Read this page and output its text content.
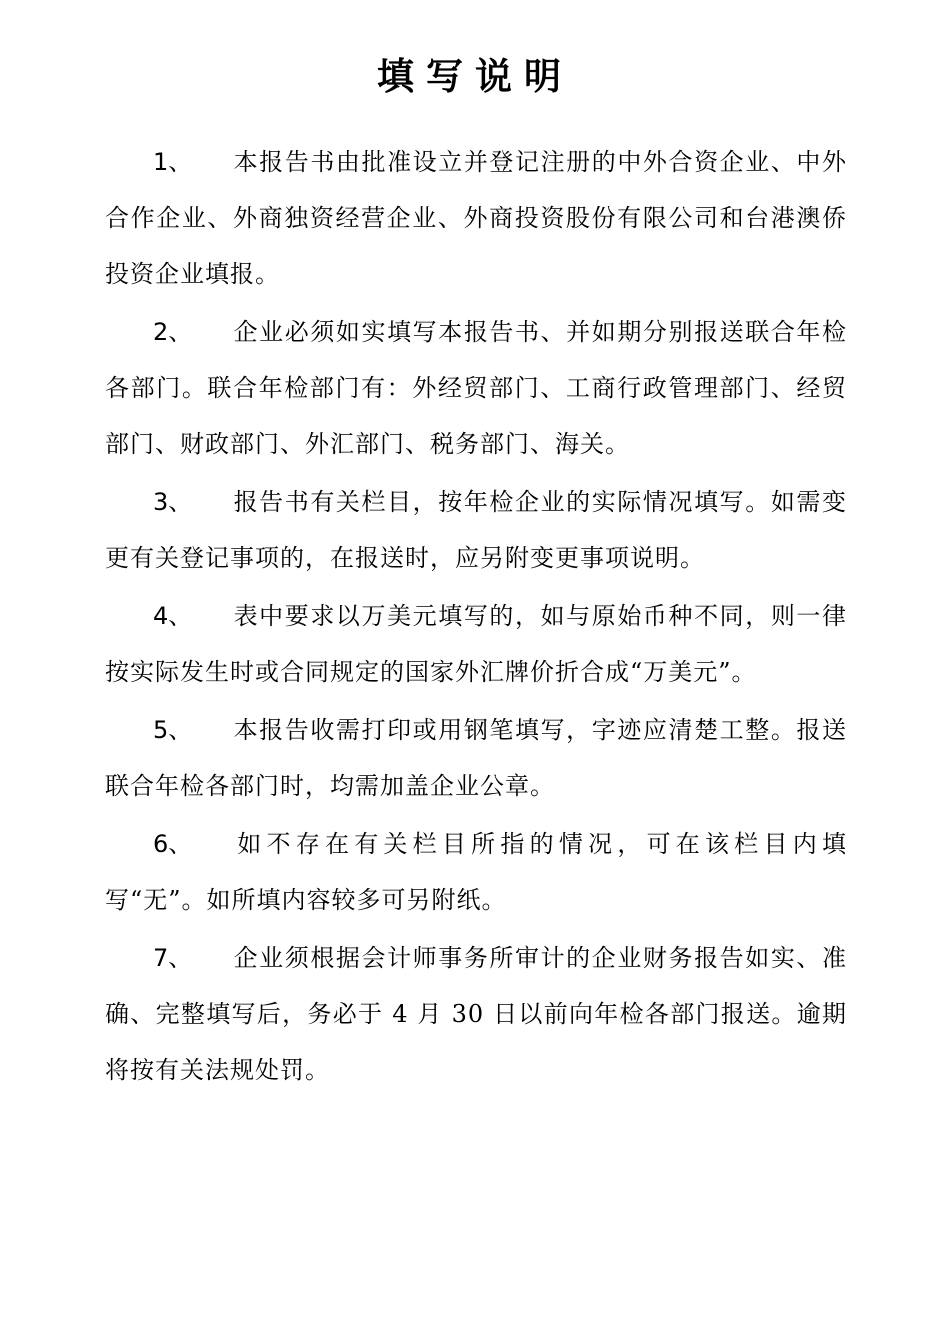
填写说明

1、 本报告书由批准设立并登记注册的中外合资企业、中外合作企业、外商独资经营企业、外商投资股份有限公司和台港澳侨投资企业填报。

2、 企业必须如实填写本报告书、并如期分别报送联合年检各部门。联合年检部门有：外经贸部门、工商行政管理部门、经贸部门、财政部门、外汇部门、税务部门、海关。

3、 报告书有关栏目，按年检企业的实际情况填写。如需变更有关登记事项的，在报送时，应另附变更事项说明。

4、 表中要求以万美元填写的，如与原始币种不同，则一律按实际发生时或合同规定的国家外汇牌价折合成“万美元”。

5、 本报告收需打印或用钢笔填写，字迹应清楚工整。报送联合年检各部门时，均需加盖企业公章。

6、 如不存在有关栏目所指的情况，可在该栏目内填写“无”。如所填内容较多可另附纸。

7、 企业须根据会计师事务所审计的企业财务报告如实、准确、完整填写后，务必于 4 月 30 日以前向年检各部门报送。逾期将按有关法规处罚。
